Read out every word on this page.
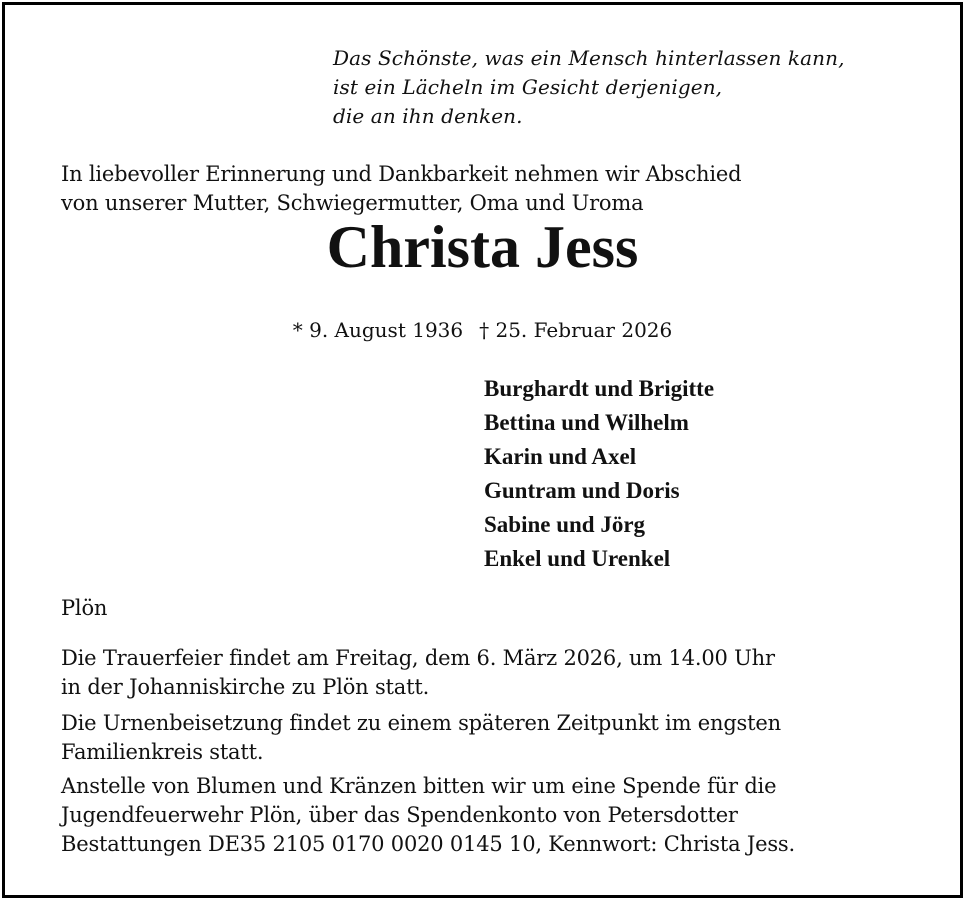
Das Schönste, was ein Mensch hinterlassen kann,
ist ein Lächeln im Gesicht derjenigen,
die an ihn denken.
In liebevoller Erinnerung und Dankbarkeit nehmen wir Abschied
von unserer Mutter, Schwiegermutter, Oma und Uroma
Christa Jess
* 9. August 1936 † 25. Februar 2026
Burghardt und Brigitte
Bettina und Wilhelm
Karin und Axel
Guntram und Doris
Sabine und Jörg
Enkel und Urenkel
Plön
Die Trauerfeier findet am Freitag, dem 6. März 2026, um 14.00 Uhr
in der Johanniskirche zu Plön statt.
Die Urnenbeisetzung findet zu einem späteren Zeitpunkt im engsten
Familienkreis statt.
Anstelle von Blumen und Kränzen bitten wir um eine Spende für die
Jugendfeuerwehr Plön, über das Spendenkonto von Petersdotter
Bestattungen DE35 2105 0170 0020 0145 10, Kennwort: Christa Jess.
